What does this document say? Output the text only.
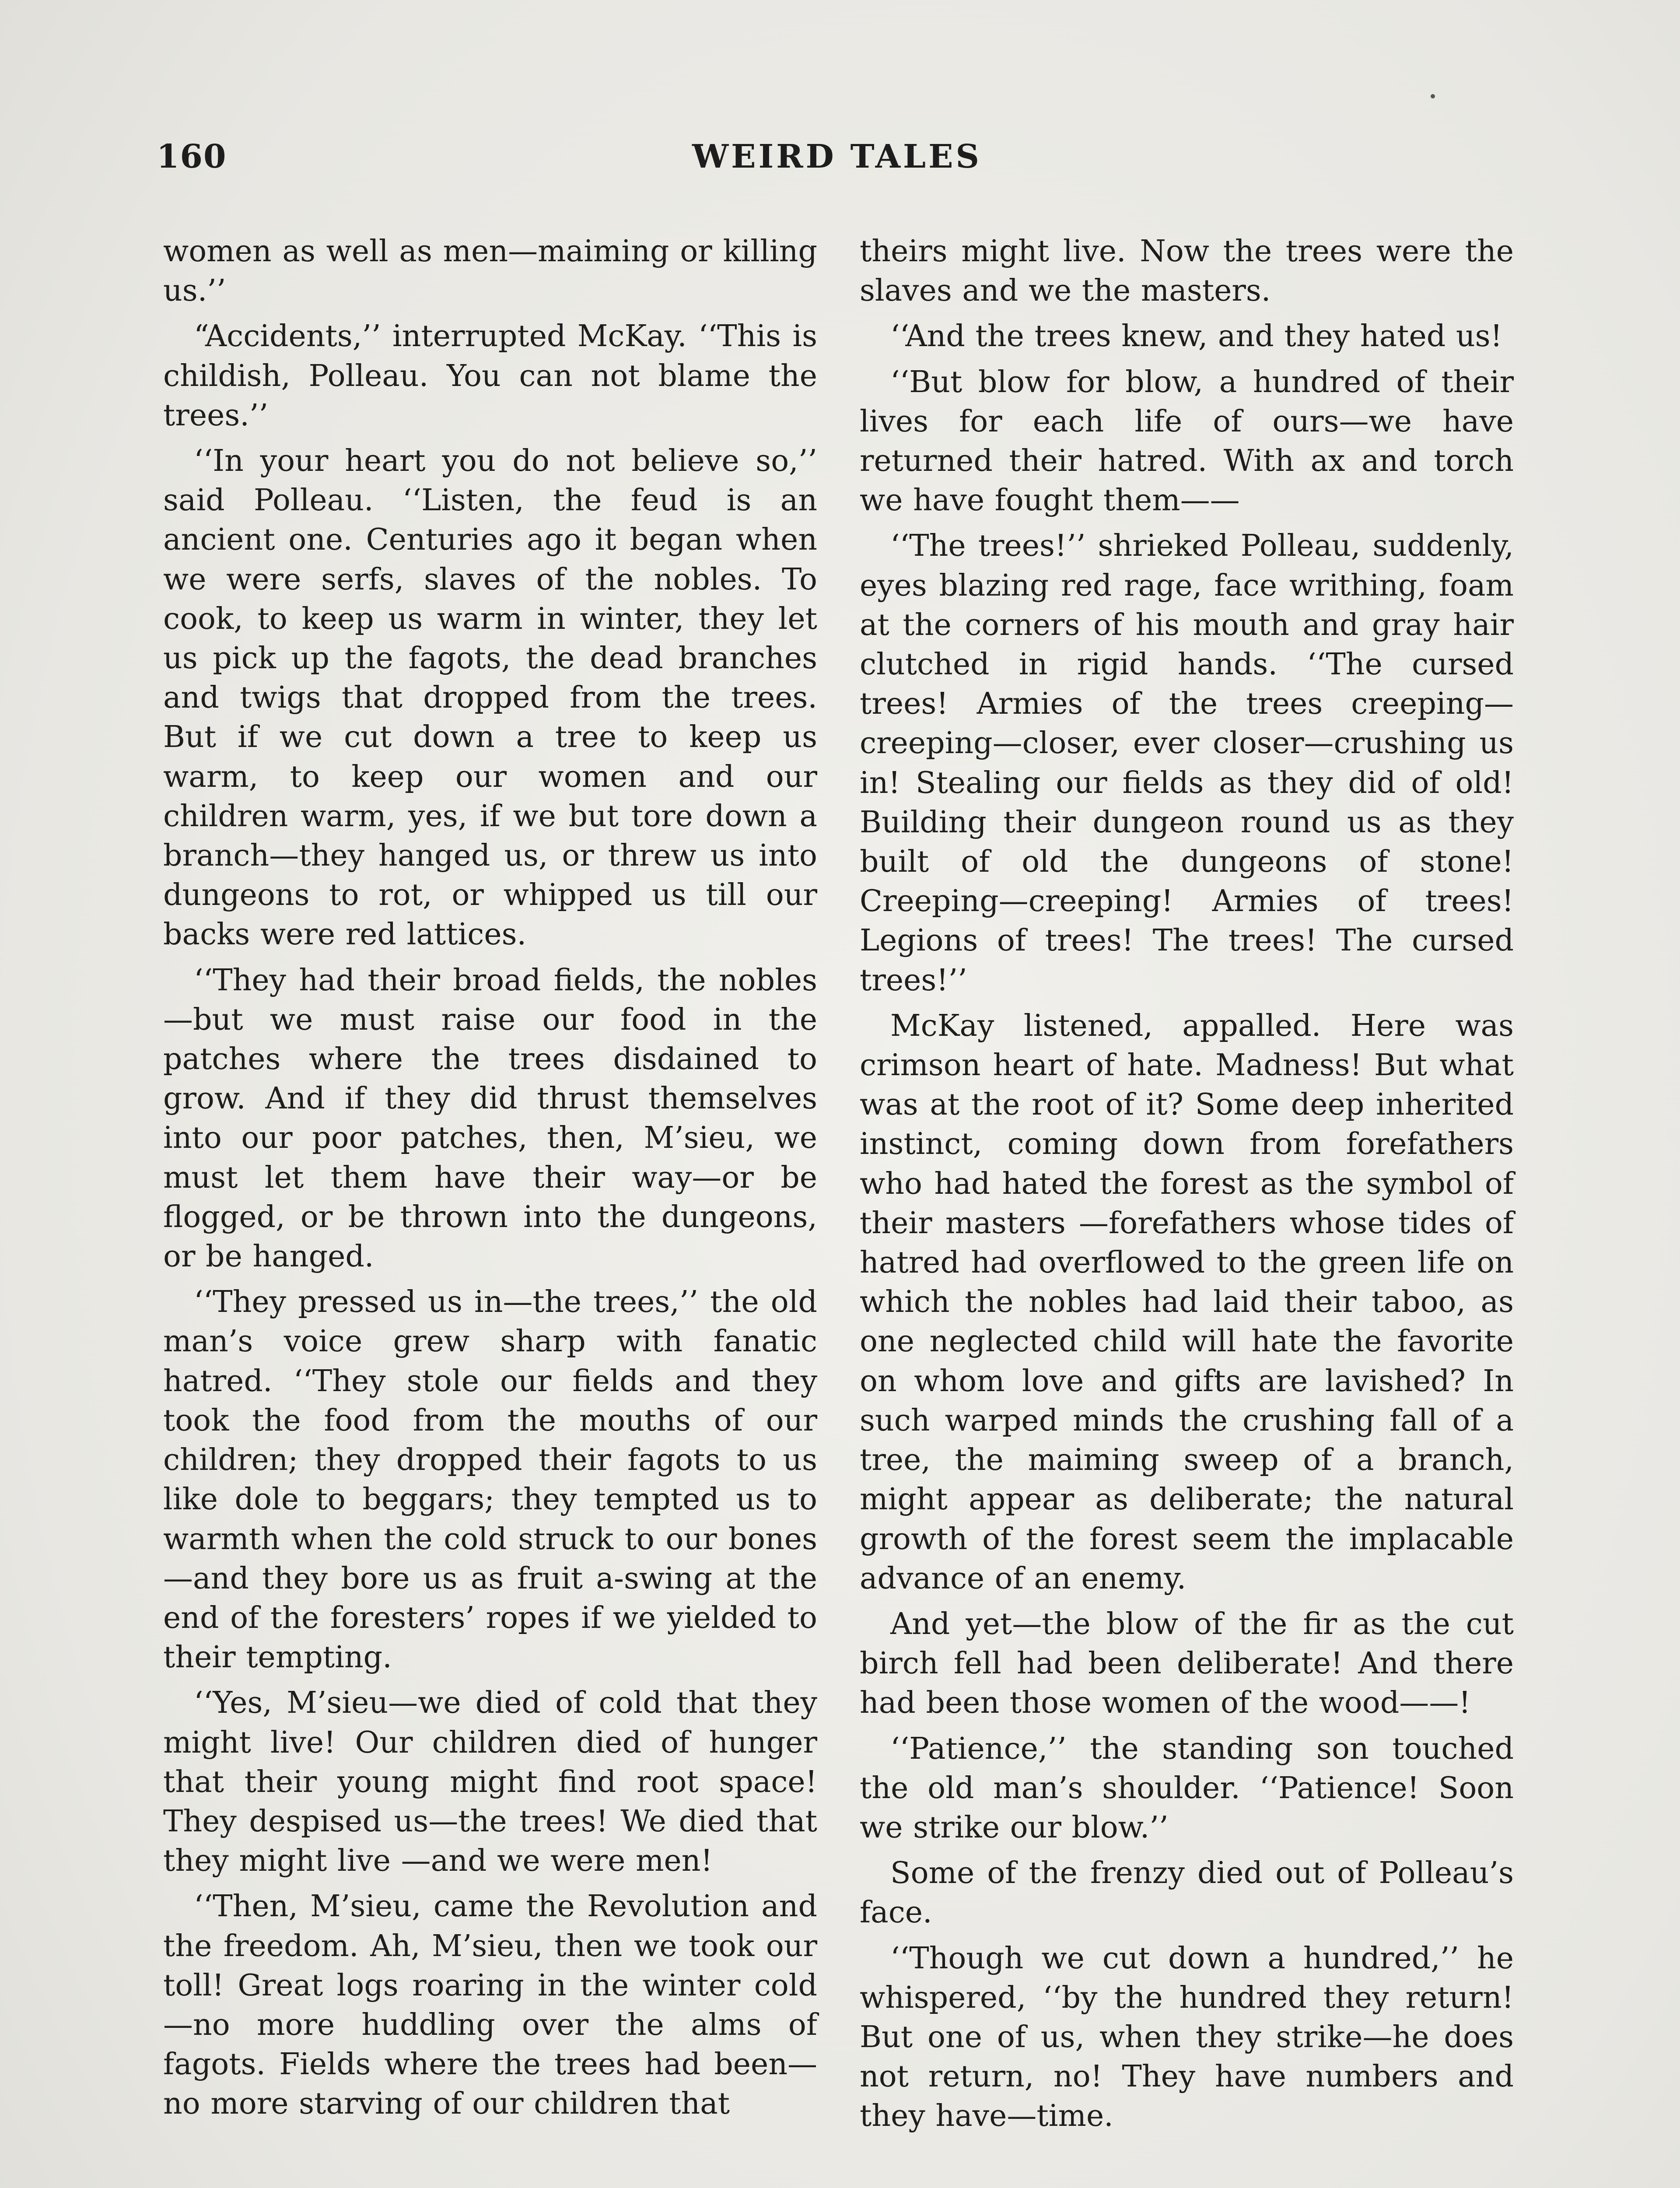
160	WEIRD TALES

women as well as men—maiming or killing us.’’

“Accidents,’’ interrupted McKay. ‘‘This is childish, Polleau. You can not blame the trees.’’

‘‘In your heart you do not believe so,’’ said Polleau. ‘‘Listen, the feud is an ancient one. Centuries ago it began when we were serfs, slaves of the nobles. To cook, to keep us warm in winter, they let us pick up the fagots, the dead branches and twigs that dropped from the trees. But if we cut down a tree to keep us warm, to keep our women and our children warm, yes, if we but tore down a branch—they hanged us, or threw us into dungeons to rot, or whipped us till our backs were red lattices.

‘‘They had their broad fields, the nobles—but we must raise our food in the patches where the trees disdained to grow. And if they did thrust themselves into our poor patches, then, M’sieu, we must let them have their way—or be flogged, or be thrown into the dungeons, or be hanged.

‘‘They pressed us in—the trees,’’ the old man’s voice grew sharp with fanatic hatred. ‘‘They stole our fields and they took the food from the mouths of our children; they dropped their fagots to us like dole to beggars; they tempted us to warmth when the cold struck to our bones—and they bore us as fruit a-swing at the end of the foresters’ ropes if we yielded to their tempting.

‘‘Yes, M’sieu—we died of cold that they might live! Our children died of hunger that their young might find root space! They despised us—the trees! We died that they might live —and we were men!

‘‘Then, M’sieu, came the Revolution and the freedom. Ah, M’sieu, then we took our toll! Great logs roaring in the winter cold—no more huddling over the alms of fagots. Fields where the trees had been—no more starving of our children that

theirs might live. Now the trees were the slaves and we the masters.

‘‘And the trees knew, and they hated us!

‘‘But blow for blow, a hundred of their lives for each life of ours—we have returned their hatred. With ax and torch we have fought them——

‘‘The trees!’’ shrieked Polleau, suddenly, eyes blazing red rage, face writhing, foam at the corners of his mouth and gray hair clutched in rigid hands. ‘‘The cursed trees! Armies of the trees creeping—creeping—closer, ever closer—crushing us in! Stealing our fields as they did of old! Building their dungeon round us as they built of old the dungeons of stone! Creeping—creeping! Armies of trees! Legions of trees! The trees! The cursed trees!’’

McKay listened, appalled. Here was crimson heart of hate. Madness! But what was at the root of it? Some deep inherited instinct, coming down from forefathers who had hated the forest as the symbol of their masters —forefathers whose tides of hatred had overflowed to the green life on which the nobles had laid their taboo, as one neglected child will hate the favorite on whom love and gifts are lavished? In such warped minds the crushing fall of a tree, the maiming sweep of a branch, might appear as deliberate; the natural growth of the forest seem the implacable advance of an enemy.

And yet—the blow of the fir as the cut birch fell had been deliberate! And there had been those women of the wood——!

‘‘Patience,’’ the standing son touched the old man’s shoulder. ‘‘Patience! Soon we strike our blow.’’

Some of the frenzy died out of Polleau’s face.

‘‘Though we cut down a hundred,’’ he whispered, ‘‘by the hundred they return! But one of us, when they strike—he does not return, no! They have numbers and they have—time.
